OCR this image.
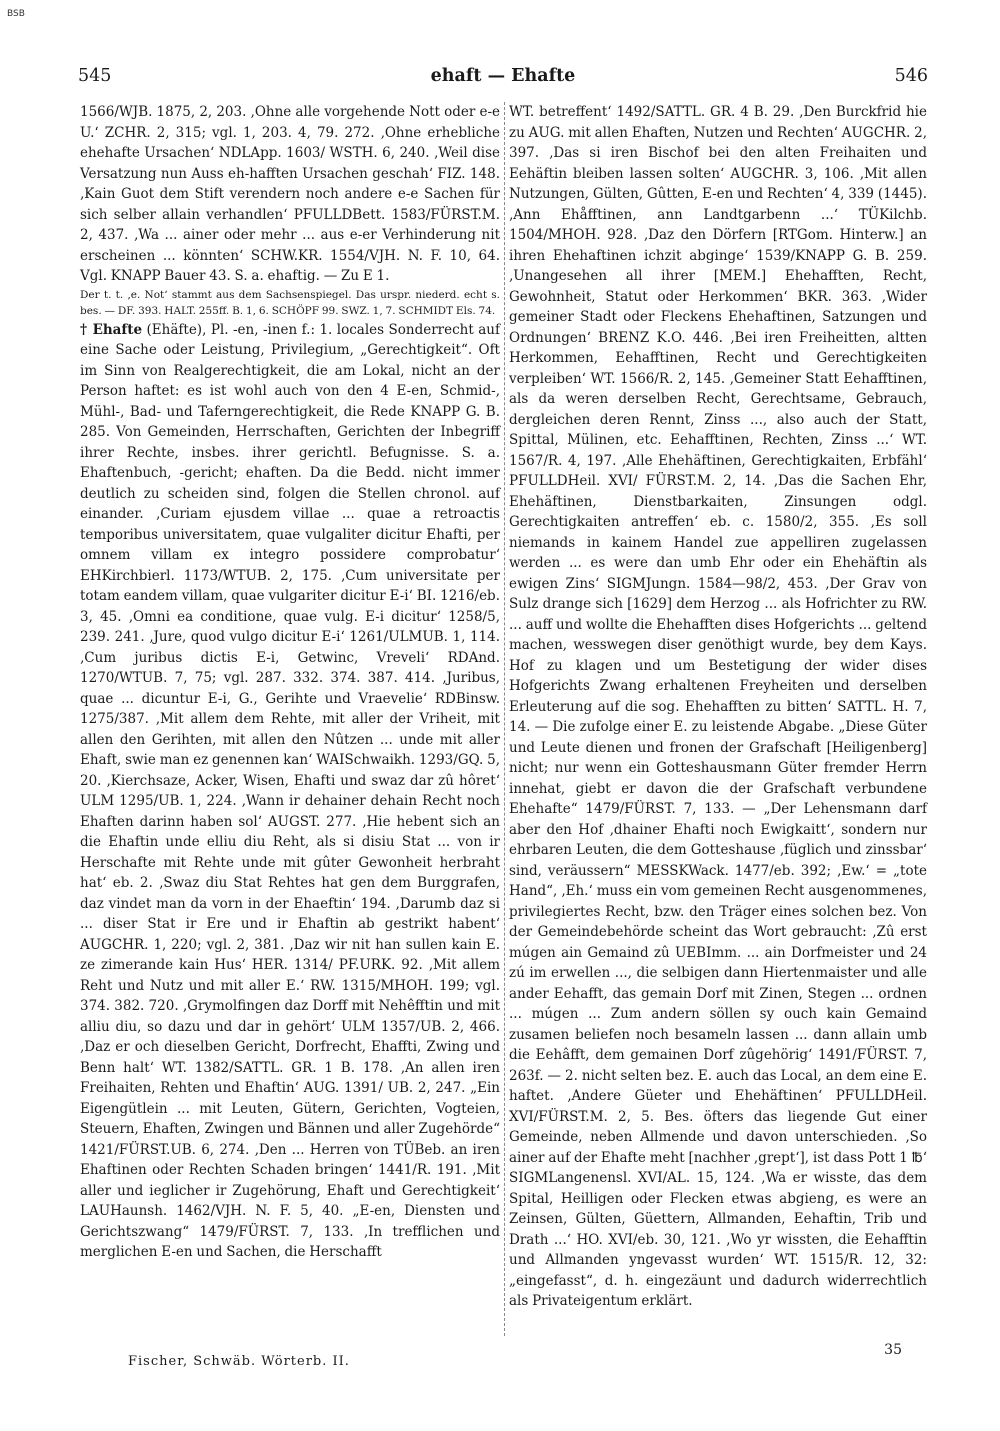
BSB
545	ehaft — Ehafte	546

1566/WJB. 1875, 2, 203. ‚Ohne alle vorgehende Nott oder e-e U.‘ ZCHR. 2, 315; vgl. 1, 203. 4, 79. 272. ‚Ohne erhebliche ehehafte Ursachen‘ NDLApp. 1603/ WSTH. 6, 240. ‚Weil dise Versatzung nun Auss eh-hafften Ursachen geschah‘ FIZ. 148. ‚Kain Guot dem Stift verendern noch andere e-e Sachen für sich selber allain verhandlen‘ PFULLDBett. 1583/FÜRST.M. 2, 437. ‚Wa ... ainer oder mehr ... aus e-er Verhinderung nit erscheinen ... könnten‘ SCHW.KR. 1554/VJH. N. F. 10, 64. Vgl. KNAPP Bauer 43. S. a. ehaftig. — Zu E 1.

Der t. t. ‚e. Not‘ stammt aus dem Sachsenspiegel. Das urspr. niederd. echt s. bes. — DF. 393. HALT. 255ff. B. 1, 6. SCHÖPF 99. SWZ. 1, 7. SCHMIDT Els. 74.

† Ehafte (Ehäfte), Pl. -en, -inen f.: 1. locales Sonderrecht auf eine Sache oder Leistung, Privilegium, „Gerechtigkeit“. Oft im Sinn von Realgerechtigkeit, die am Lokal, nicht an der Person haftet: es ist wohl auch von den 4 E-en, Schmid-, Mühl-, Bad- und Taferngerechtigkeit, die Rede KNAPP G. B. 285. Von Gemeinden, Herrschaften, Gerichten der Inbegriff ihrer Rechte, insbes. ihrer gerichtl. Befugnisse. S. a. Ehaftenbuch, -gericht; ehaften. Da die Bedd. nicht immer deutlich zu scheiden sind, folgen die Stellen chronol. auf einander. ‚Curiam ejusdem villae ... quae a retroactis temporibus universitatem, quae vulgaliter dicitur Ehafti, per omnem villam ex integro possidere comprobatur‘ EHKirchbierl. 1173/WTUB. 2, 175. ‚Cum universitate per totam eandem villam, quae vulgariter dicitur E-i‘ BI. 1216/eb. 3, 45. ‚Omni ea conditione, quae vulg. E-i dicitur‘ 1258/5, 239. 241. ‚Jure, quod vulgo dicitur E-i‘ 1261/ULMUB. 1, 114. ‚Cum juribus dictis E-i, Getwinc, Vreveli‘ RDAnd. 1270/WTUB. 7, 75; vgl. 287. 332. 374. 387. 414. ‚Juribus, quae ... dicuntur E-i, G., Gerihte und Vraevelie‘ RDBinsw. 1275/387. ‚Mit allem dem Rehte, mit aller der Vriheit, mit allen den Gerihten, mit allen den Nûtzen ... unde mit aller Ehaft, swie man ez genennen kan‘ WAISchwaikh. 1293/GQ. 5, 20. ‚Kierchsaze, Acker, Wisen, Ehafti und swaz dar zû hôret‘ ULM 1295/UB. 1, 224. ‚Wann ir dehainer dehain Recht noch Ehaften darinn haben sol‘ AUGST. 277. ‚Hie hebent sich an die Ehaftin unde elliu diu Reht, als si disiu Stat ... von ir Herschafte mit Rehte unde mit gûter Gewonheit herbraht hat‘ eb. 2. ‚Swaz diu Stat Rehtes hat gen dem Burggrafen, daz vindet man da vorn in der Ehaeftin‘ 194. ‚Darumb daz si ... diser Stat ir Ere und ir Ehaftin ab gestrikt habent‘ AUGCHR. 1, 220; vgl. 2, 381. ‚Daz wir nit han sullen kain E. ze zimerande kain Hus‘ HER. 1314/ PF.URK. 92. ‚Mit allem Reht und Nutz und mit aller E.‘ RW. 1315/MHOH. 199; vgl. 374. 382. 720. ‚Grymolfingen daz Dorff mit Nehêfftin und mit alliu diu, so dazu und dar in gehört‘ ULM 1357/UB. 2, 466. ‚Daz er och dieselben Gericht, Dorfrecht, Ehaffti, Zwing und Benn halt‘ WT. 1382/SATTL. GR. 1 B. 178. ‚An allen iren Freihaiten, Rehten und Ehaftin‘ AUG. 1391/ UB. 2, 247. „Ein Eigengütlein ... mit Leuten, Gütern, Gerichten, Vogteien, Steuern, Ehaften, Zwingen und Bännen und aller Zugehörde“ 1421/FÜRST.UB. 6, 274. ‚Den ... Herren von TÜBeb. an iren Ehaftinen oder Rechten Schaden bringen‘ 1441/R. 191. ‚Mit aller und ieglicher ir Zugehörung, Ehaft und Gerechtigkeit‘ LAUHaunsh. 1462/VJH. N. F. 5, 40. „E-en, Diensten und Gerichtszwang“ 1479/FÜRST. 7, 133. ‚In trefflichen und merglichen E-en und Sachen, die Herschafft

WT. betreffent‘ 1492/SATTL. GR. 4 B. 29. ‚Den Burckfrid hie zu AUG. mit allen Ehaften, Nutzen und Rechten‘ AUGCHR. 2, 397. ‚Das si iren Bischof bei den alten Freihaiten und Eehäftin bleiben lassen solten‘ AUGCHR. 3, 106. ‚Mit allen Nutzungen, Gülten, Gûtten, E-en und Rechten‘ 4, 339 (1445). ‚Ann Ehåfftinen, ann Landtgarbenn ...‘ TÜKilchb. 1504/MHOH. 928. ‚Daz den Dörfern [RTGom. Hinterw.] an ihren Ehehaftinen ichzit abginge‘ 1539/KNAPP G. B. 259. ‚Unangesehen all ihrer [MEM.] Ehehafften, Recht, Gewohnheit, Statut oder Herkommen‘ BKR. 363. ‚Wider gemeiner Stadt oder Fleckens Ehehaftinen, Satzungen und Ordnungen‘ BRENZ K.O. 446. ‚Bei iren Freiheitten, altten Herkommen, Eehafftinen, Recht und Gerechtigkeiten verpleiben‘ WT. 1566/R. 2, 145. ‚Gemeiner Statt Eehafftinen, als da weren derselben Recht, Gerechtsame, Gebrauch, dergleichen deren Rennt, Zinss ..., also auch der Statt, Spittal, Mülinen, etc. Eehafftinen, Rechten, Zinss ...‘ WT. 1567/R. 4, 197. ‚Alle Ehehäftinen, Gerechtigkaiten, Erbfähl‘ PFULLDHeil. XVI/ FÜRST.M. 2, 14. ‚Das die Sachen Ehr, Ehehäftinen, Dienstbarkaiten, Zinsungen odgl. Gerechtigkaiten antreffen‘ eb. c. 1580/2, 355. ‚Es soll niemands in kainem Handel zue appelliren zugelassen werden ... es were dan umb Ehr oder ein Ehehäftin als ewigen Zins‘ SIGMJungn. 1584—98/2, 453. ‚Der Grav von Sulz drange sich [1629] dem Herzog ... als Hofrichter zu RW. ... auff und wollte die Ehehafften dises Hofgerichts ... geltend machen, wesswegen diser genöthigt wurde, bey dem Kays. Hof zu klagen und um Bestetigung der wider dises Hofgerichts Zwang erhaltenen Freyheiten und derselben Erleuterung auf die sog. Ehehafften zu bitten‘ SATTL. H. 7, 14. — Die zufolge einer E. zu leistende Abgabe. „Diese Güter und Leute dienen und fronen der Grafschaft [Heiligenberg] nicht; nur wenn ein Gotteshausmann Güter fremder Herrn innehat, giebt er davon die der Grafschaft verbundene Ehehafte“ 1479/FÜRST. 7, 133. — „Der Lehensmann darf aber den Hof ‚dhainer Ehafti noch Ewigkaitt‘, sondern nur ehrbaren Leuten, die dem Gotteshause ‚füglich und zinssbar‘ sind, veräussern“ MESSKWack. 1477/eb. 392; ‚Ew.‘ = „tote Hand“, ‚Eh.‘ muss ein vom gemeinen Recht ausgenommenes, privilegiertes Recht, bzw. den Träger eines solchen bez. Von der Gemeindebehörde scheint das Wort gebraucht: ‚Zû erst múgen ain Gemaind zû UEBImm. ... ain Dorfmeister und 24 zú im erwellen ..., die selbigen dann Hiertenmaister und alle ander Eehafft, das gemain Dorf mit Zinen, Stegen ... ordnen ... múgen ... Zum andern söllen sy ouch kain Gemaind zusamen beliefen noch besameln lassen ... dann allain umb die Eehâfft, dem gemainen Dorf zûgehörig‘ 1491/FÜRST. 7, 263f. — 2. nicht selten bez. E. auch das Local, an dem eine E. haftet. ‚Andere Güeter und Ehehäftinen‘ PFULLDHeil. XVI/FÜRST.M. 2, 5. Bes. öfters das liegende Gut einer Gemeinde, neben Allmende und davon unterschieden. ‚So ainer auf der Ehafte meht [nachher ‚grept‘], ist dass Pott 1 ℔‘ SIGMLangenensl. XVI/AL. 15, 124. ‚Wa er wisste, das dem Spital, Heilligen oder Flecken etwas abgieng, es were an Zeinsen, Gülten, Güettern, Allmanden, Eehaftin, Trib und Drath ...‘ HO. XVI/eb. 30, 121. ‚Wo yr wissten, die Eehafftin und Allmanden yngevasst wurden‘ WT. 1515/R. 12, 32: „eingefasst“, d. h. eingezäunt und dadurch widerrechtlich als Privateigentum erklärt.

Fischer, Schwäb. Wörterb. II.
35
